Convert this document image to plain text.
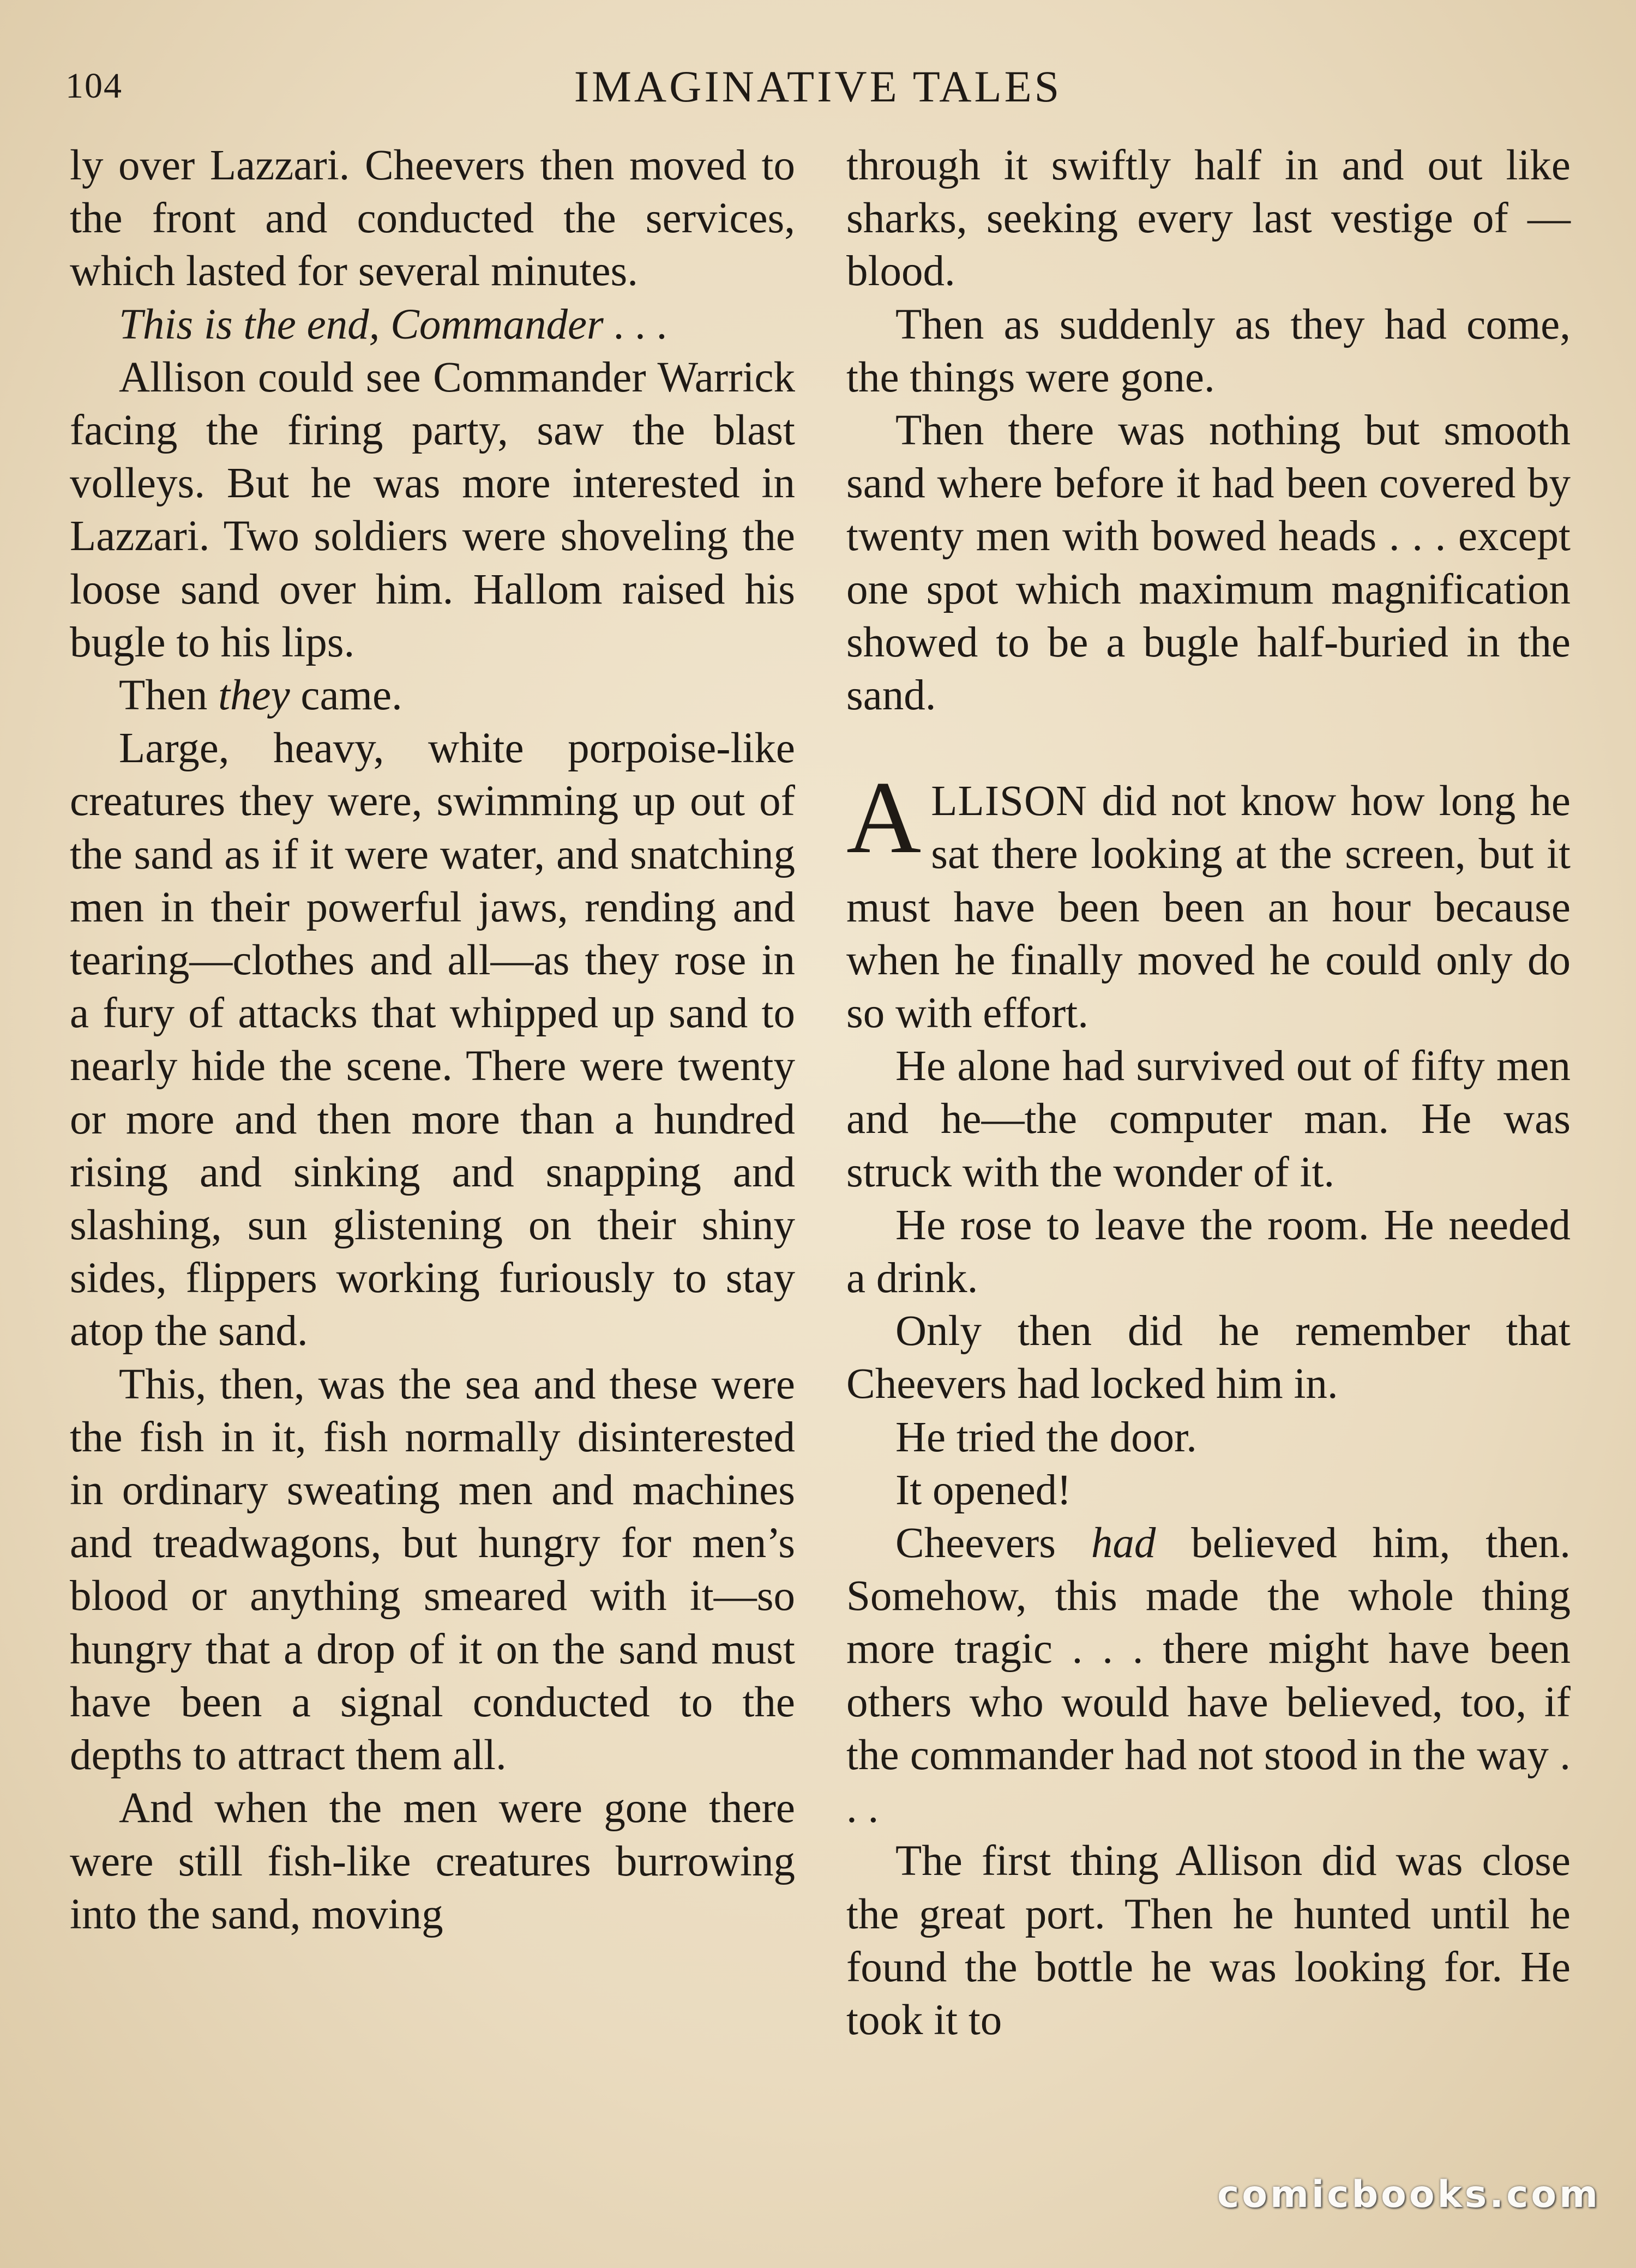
104	IMAGINATIVE TALES

ly over Lazzari. Cheevers then moved to the front and conducted the services, which lasted for several minutes.

This is the end, Commander . . .

Allison could see Commander Warrick facing the firing party, saw the blast volleys. But he was more interested in Lazzari. Two soldiers were shoveling the loose sand over him. Hallom raised his bugle to his lips.

Then they came.

Large, heavy, white porpoise-like creatures they were, swimming up out of the sand as if it were water, and snatching men in their powerful jaws, rending and tearing—clothes and all—as they rose in a fury of attacks that whipped up sand to nearly hide the scene. There were twenty or more and then more than a hundred rising and sinking and snapping and slashing, sun glistening on their shiny sides, flippers working furiously to stay atop the sand.

This, then, was the sea and these were the fish in it, fish normally disinterested in ordinary sweating men and machines and treadwagons, but hungry for men’s blood or anything smeared with it—so hungry that a drop of it on the sand must have been a signal conducted to the depths to attract them all.

And when the men were gone there were still fish-like creatures burrowing into the sand, moving

through it swiftly half in and out like sharks, seeking every last vestige of — blood.

Then as suddenly as they had come, the things were gone.

Then there was nothing but smooth sand where before it had been covered by twenty men with bowed heads . . . except one spot which maximum magnification showed to be a bugle half-buried in the sand.

ALLISON did not know how long he sat there looking at the screen, but it must have been been an hour because when he finally moved he could only do so with effort.

He alone had survived out of fifty men and he—the computer man. He was struck with the wonder of it.

He rose to leave the room. He needed a drink.

Only then did he remember that Cheevers had locked him in.

He tried the door.

It opened!

Cheevers had believed him, then. Somehow, this made the whole thing more tragic . . . there might have been others who would have believed, too, if the commander had not stood in the way . . .

The first thing Allison did was close the great port. Then he hunted until he found the bottle he was looking for. He took it to

comicbooks.com
